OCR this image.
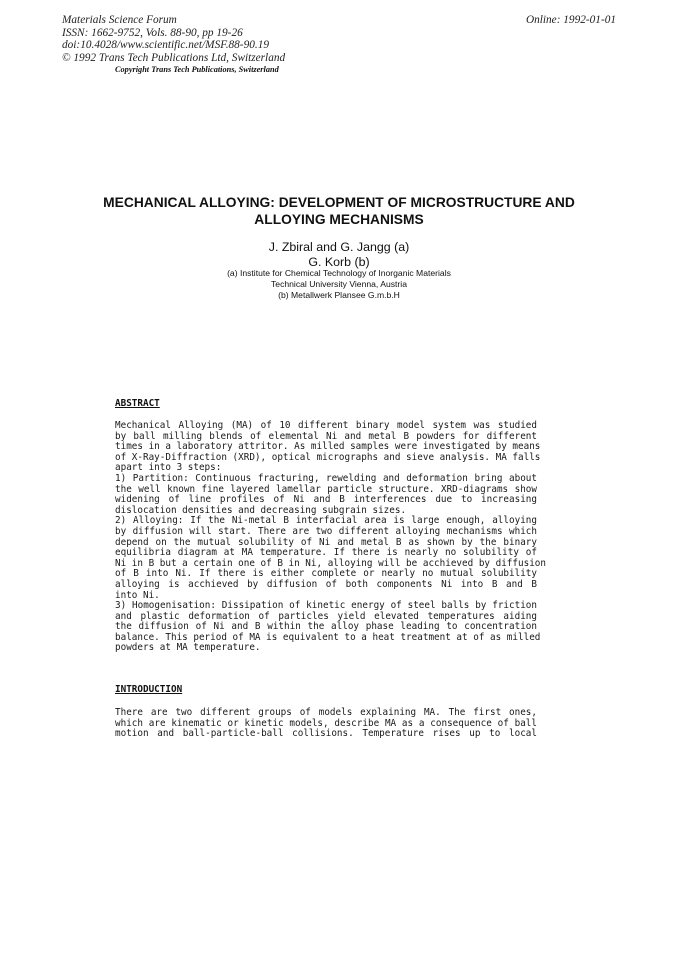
Materials Science Forum
ISSN: 1662-9752, Vols. 88-90, pp 19-26
doi:10.4028/www.scientific.net/MSF.88-90.19
© 1992 Trans Tech Publications Ltd, Switzerland
Online: 1992-01-01
Copyright Trans Tech Publications, Switzerland
MECHANICAL ALLOYING: DEVELOPMENT OF MICROSTRUCTURE AND
ALLOYING MECHANISMS
J. Zbiral and G. Jangg (a)
G. Korb (b)
(a) Institute for Chemical Technology of Inorganic Materials
Technical University Vienna, Austria
(b) Metallwerk Plansee G.m.b.H
ABSTRACT
Mechanical Alloying (MA) of 10 different binary model system was studied
by ball milling blends of elemental Ni and metal B powders for different
times in a laboratory attritor. As milled samples were investigated by means
of X-Ray-Diffraction (XRD), optical micrographs and sieve analysis. MA falls
apart into 3 steps:
1) Partition: Continuous fracturing, rewelding and deformation bring about
the well known fine layered lamellar particle structure. XRD-diagrams show
widening of line profiles of Ni and B interferences due to increasing
dislocation densities and decreasing subgrain sizes.
2) Alloying: If the Ni-metal B interfacial area is large enough, alloying
by diffusion will start. There are two different alloying mechanisms which
depend on the mutual solubility of Ni and metal B as shown by the binary
equilibria diagram at MA temperature. If there is nearly no solubility of
Ni in B but a certain one of B in Ni, alloying will be acchieved by diffusion
of B into Ni. If there is either complete or nearly no mutual solubility
alloying is acchieved by diffusion of both components Ni into B and B
into Ni.
3) Homogenisation: Dissipation of kinetic energy of steel balls by friction
and plastic deformation of particles yield elevated temperatures aiding
the diffusion of Ni and B within the alloy phase leading to concentration
balance. This period of MA is equivalent to a heat treatment at of as milled
powders at MA temperature.
INTRODUCTION
There are two different groups of models explaining MA. The first ones,
which are kinematic or kinetic models, describe MA as a consequence of ball
motion and ball-particle-ball collisions. Temperature rises up to local
